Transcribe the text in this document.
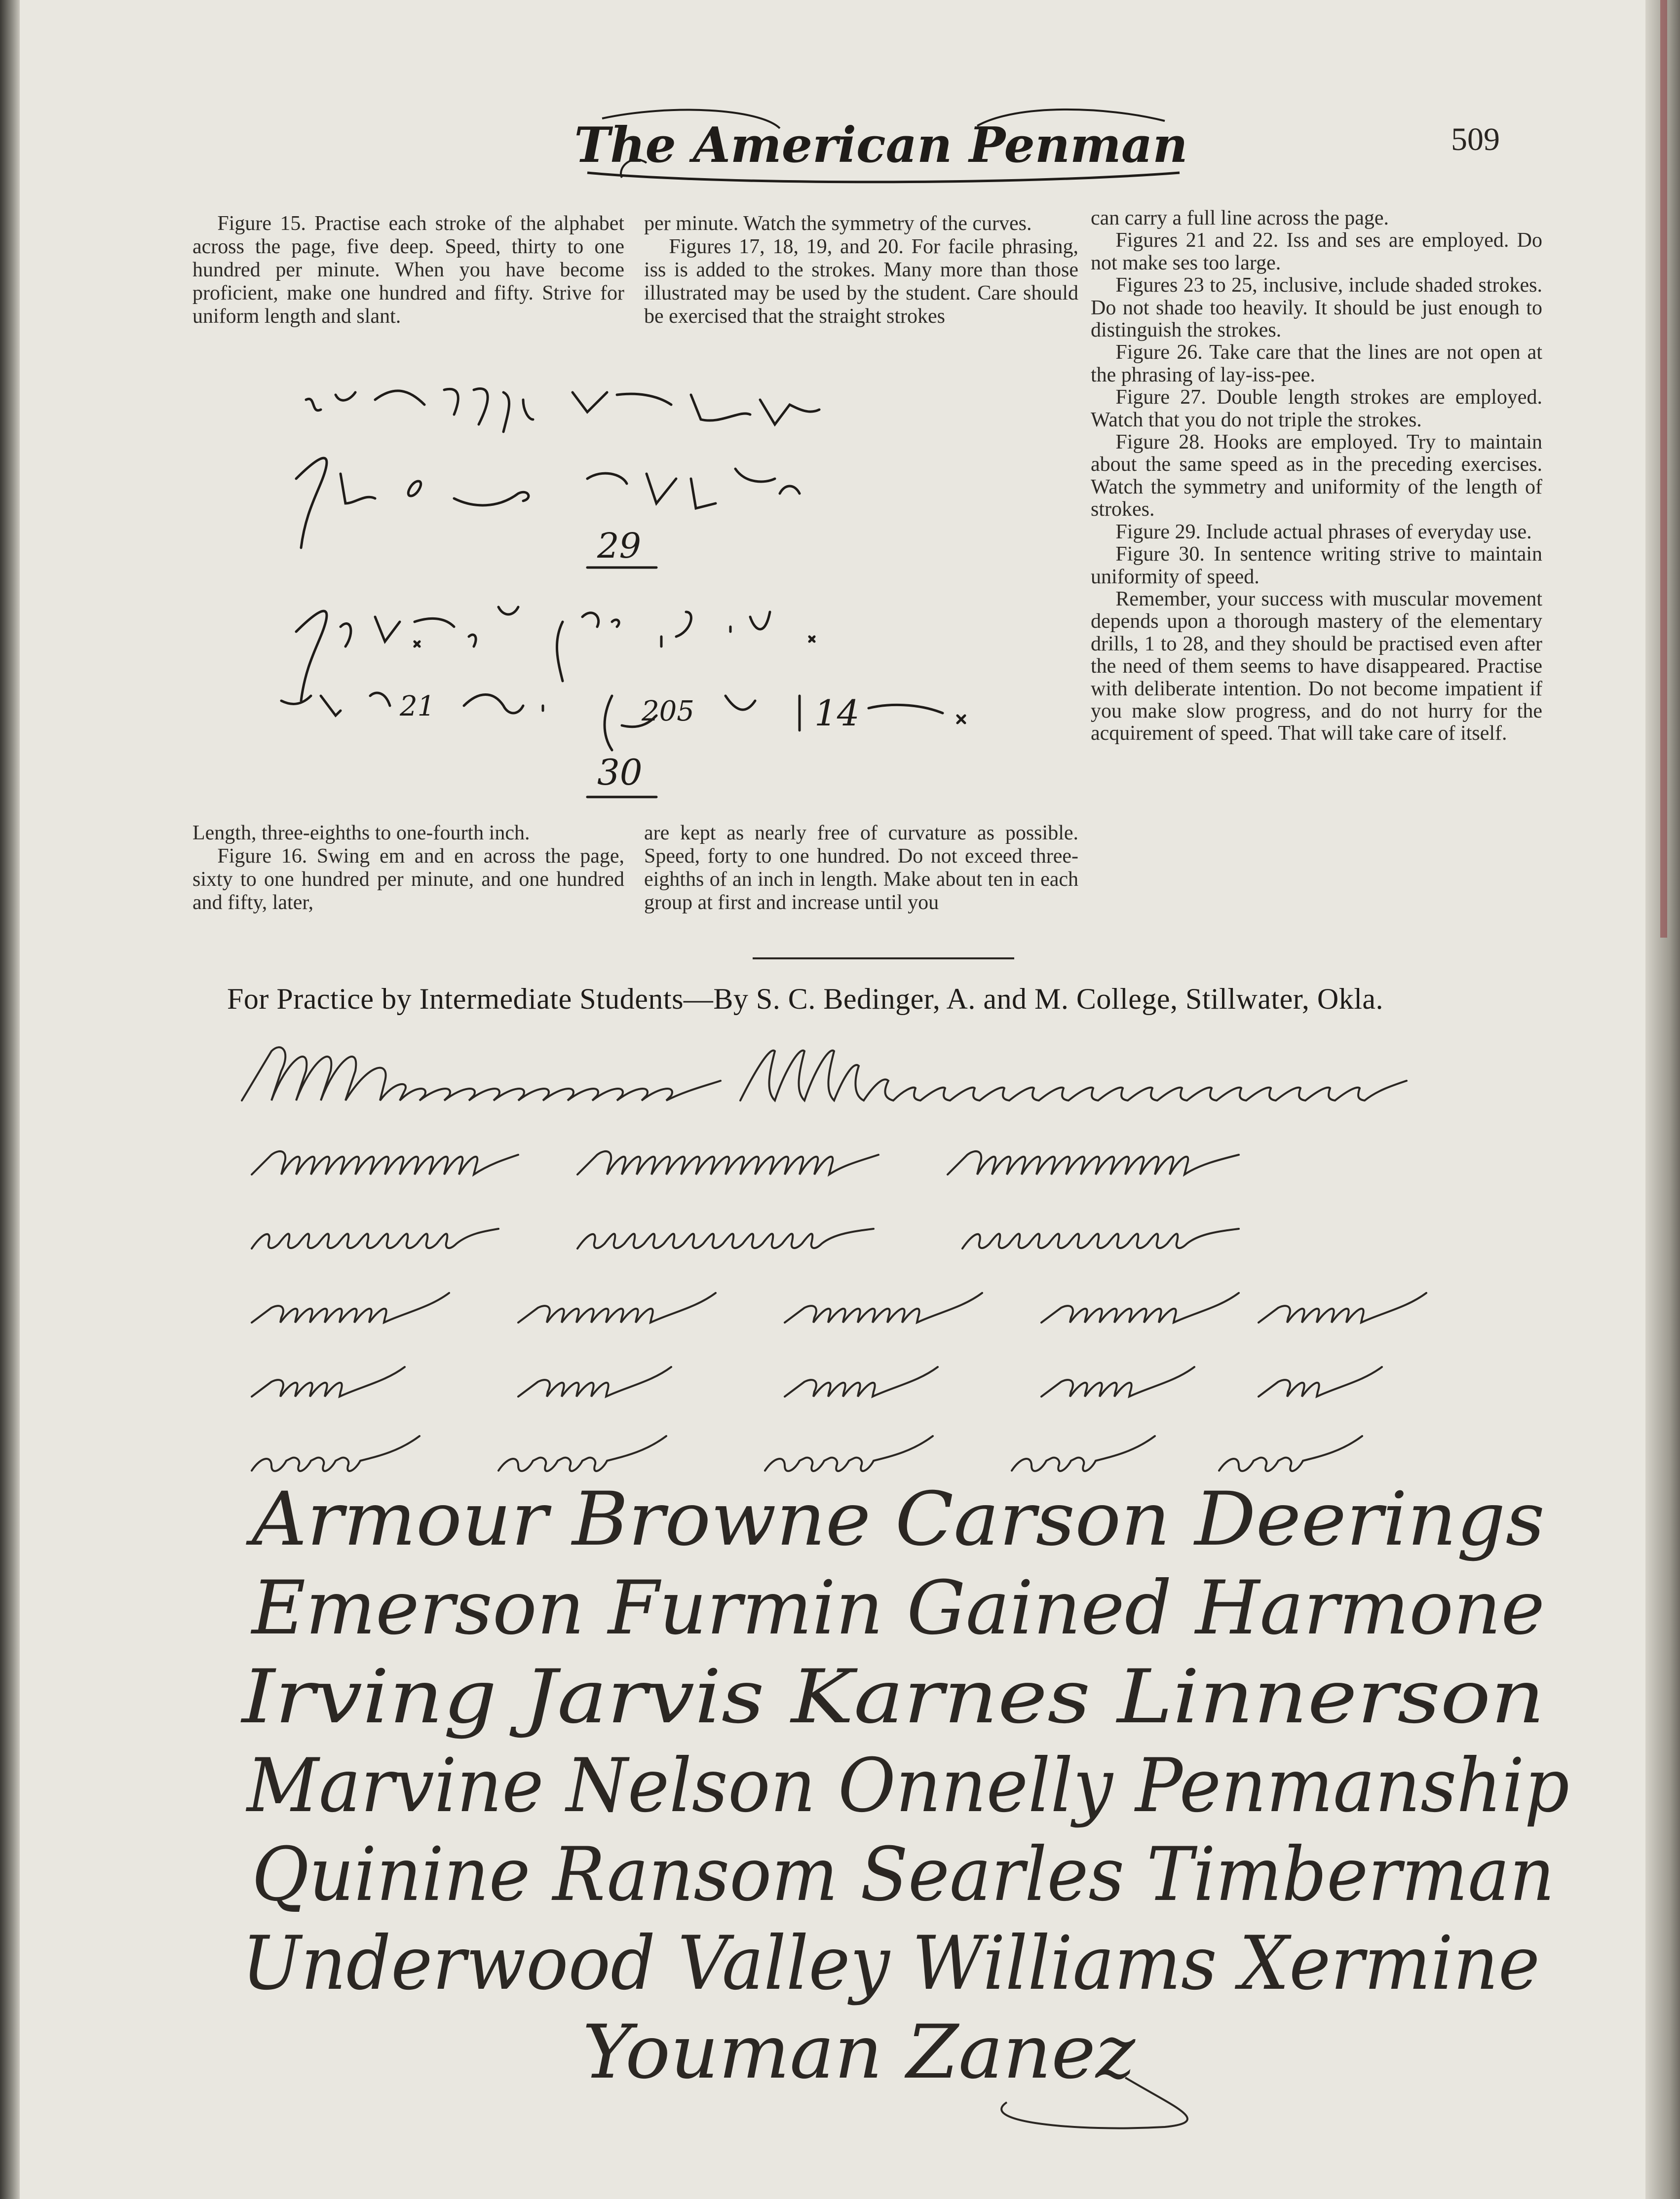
The American Penman	509

Figure 15. Practise each stroke of the alphabet across the page, five deep. Speed, thirty to one hundred per minute. When you have become proficient, make one hundred and fifty. Strive for uniform length and slant.

per minute. Watch the symmetry of the curves.

Figures 17, 18, 19, and 20. For facile phrasing, iss is added to the strokes. Many more than those illustrated may be used by the student. Care should be exercised that the straight strokes

can carry a full line across the page.

Figures 21 and 22. Iss and ses are employed. Do not make ses too large.

Figures 23 to 25, inclusive, include shaded strokes. Do not shade too heavily. It should be just enough to distinguish the strokes.

Figure 26. Take care that the lines are not open at the phrasing of lay-iss-pee.

Figure 27. Double length strokes are employed. Watch that you do not triple the strokes.

Figure 28. Hooks are employed. Try to maintain about the same speed as in the preceding exercises. Watch the symmetry and uniformity of the length of strokes.

Figure 29. Include actual phrases of everyday use.

Figure 30. In sentence writing strive to maintain uniformity of speed.

Remember, your success with muscular movement depends upon a thorough mastery of the elementary drills, 1 to 28, and they should be practised even after the need of them seems to have disappeared. Practise with deliberate intention. Do not become impatient if you make slow progress, and do not hurry for the acquirement of speed. That will take care of itself.

29
21	205	14
30

Length, three-eighths to one-fourth inch.

Figure 16. Swing em and en across the page, sixty to one hundred per minute, and one hundred and fifty, later,

are kept as nearly free of curvature as possible. Speed, forty to one hundred. Do not exceed three-eighths of an inch in length. Make about ten in each group at first and increase until you

For Practice by Intermediate Students—By S. C. Bedinger, A. and M. College, Stillwater, Okla.
Armour Browne Carson Deerings
Emerson Furmin Gained Harmone
Irving Jarvis Karnes Linnerson
Marvine Nelson Onnelly Penmanship
Quinine Ransom Searles Timberman
Underwood Valley Williams Xermine
Youman Zanez
